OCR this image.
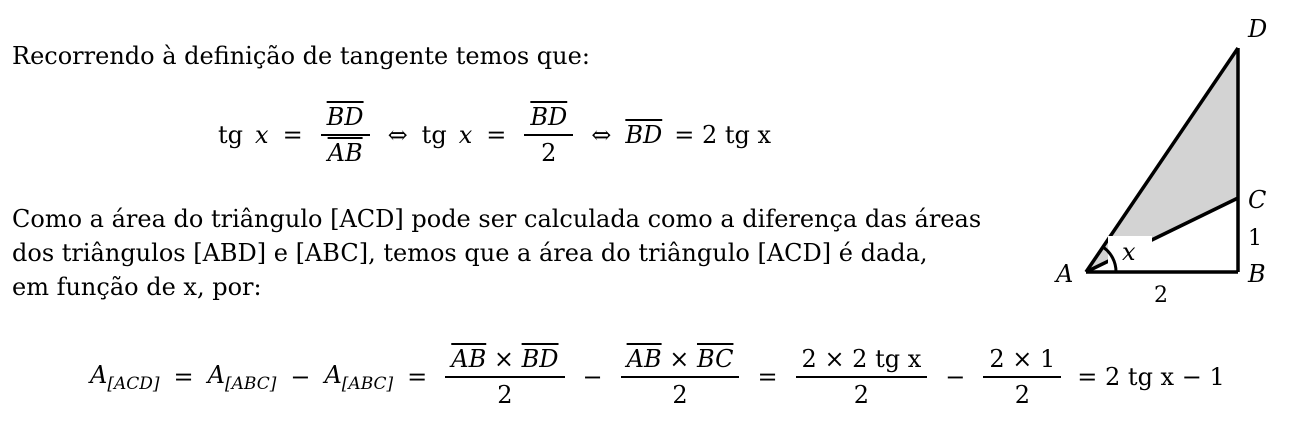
Recorrendo à definição de tangente temos que:
tg $x = \frac{\overline{BD}}{AB}$ ⇔ tg $x = \frac{\overline{BD}}{2}$ ⇔ $\overline{BD} = 2$ tg x
Como a área do triângulo [ACD] pode ser calculada como a diferença das áreas
dos triângulos [ABD] e [ABC], temos que a área do triângulo [ACD] é dada,
em função de x, por:
$A_{[ACD]} = A_{[ABC]} - A_{[ABC]} = \frac{\overline{AB} \times \overline{BD}}{2} - \frac{\overline{AB} \times \overline{BC}}{2} = \frac{\text{2 × 2 tg x}}{2} - \frac{2 \times 1}{2} = 2$ tg x − 1
x
A	B
C
D
1
2
